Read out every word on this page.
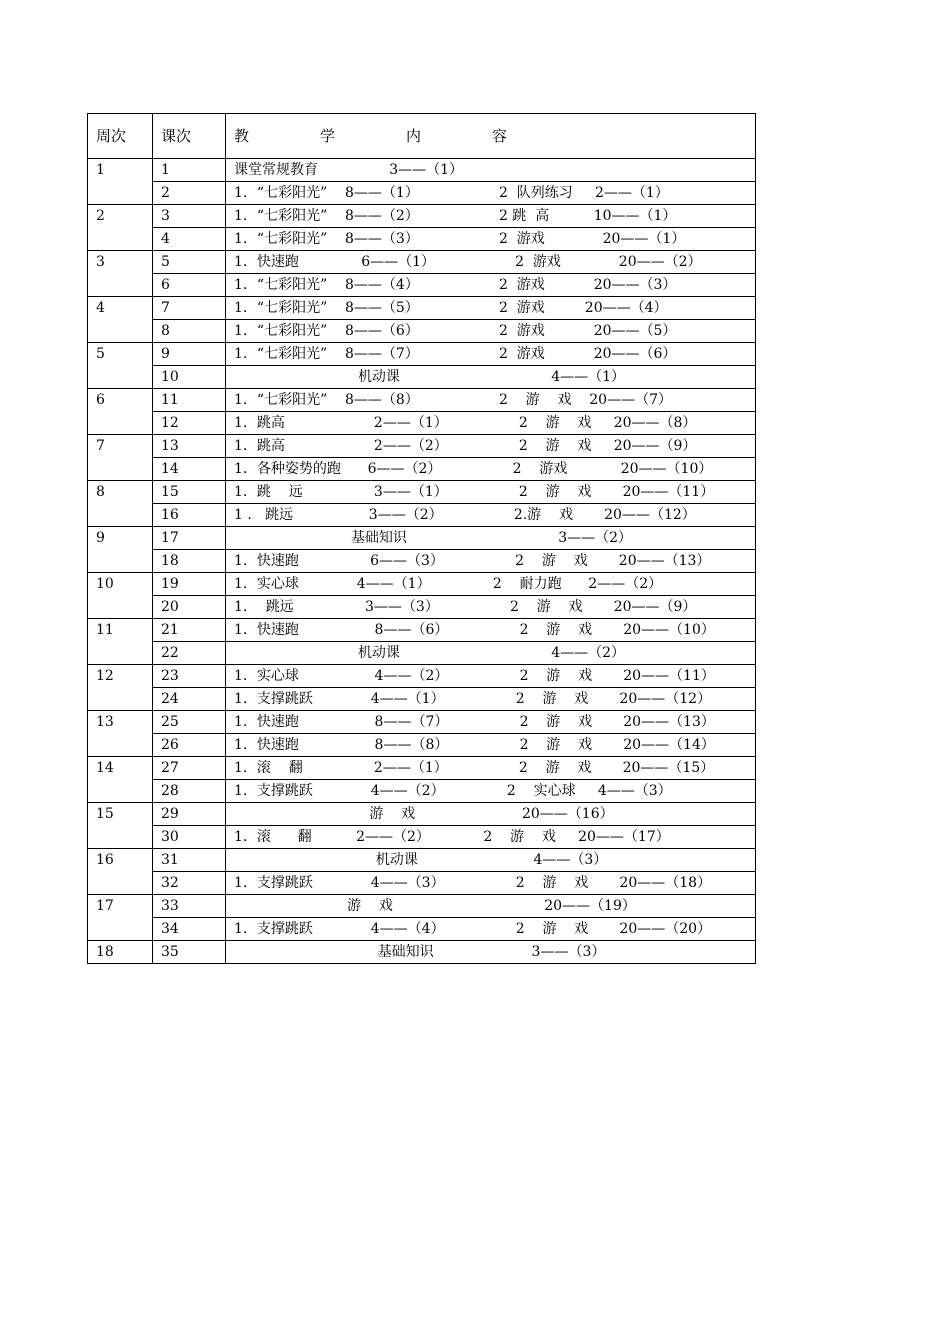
周次	课次	教　学　内　容
1	1	课堂常规教育                3——（1）
	2	1．“七彩阳光”    8——（1）                  2  队列练习     2——（1）
2	3	1．“七彩阳光”    8——（2）                  2 跳  高          10——（1）
	4	1．“七彩阳光”    8——（3）                  2  游戏             20——（1）
3	5	1．快速跑              6——（1）                  2  游戏             20——（2）
	6	1．“七彩阳光”    8——（4）                  2  游戏           20——（3）
4	7	1．“七彩阳光”    8——（5）                  2  游戏         20——（4）
	8	1．“七彩阳光”    8——（6）                  2  游戏           20——（5）
5	9	1．“七彩阳光”    8——（7）                  2  游戏           20——（6）
	10	机动课                                  4——（1）
6	11	1．“七彩阳光”    8——（8）                  2    游    戏    20——（7）
	12	1．跳高                    2——（1）                2    游    戏     20——（8）
7	13	1．跳高                    2——（2）                2    游    戏     20——（9）
	14	1．各种姿势的跑      6——（2）                2    游戏            20——（10）
8	15	1．跳    远                3——（1）                2    游    戏       20——（11）
	16	1 .   跳远                 3——（2）                2.游    戏       20——（12）
9	17	基础知识                                  3——（2）
	18	1．快速跑                6——（3）                2    游    戏       20——（13）
10	19	1．实心球             4——（1）              2    耐力跑      2——（2）
	20	1．  跳远                3——（3）                2    游    戏       20——（9）
11	21	1．快速跑                 8——（6）                2    游    戏       20——（10）
	22	机动课                                  4——（2）
12	23	1．实心球                 4——（2）                2    游    戏       20——（11）
	24	1．支撑跳跃             4——（1）                2    游    戏       20——（12）
13	25	1．快速跑                 8——（7）                2    游    戏       20——（13）
	26	1．快速跑                 8——（8）                2    游    戏       20——（14）
14	27	1．滚    翻                2——（1）                2    游    戏       20——（15）
	28	1．支撑跳跃             4——（2）              2    实心球     4——（3）
15	29	游    戏                        20——（16）
	30	1．滚      翻          2——（2）            2    游    戏     20——（17）
16	31	机动课                          4——（3）
	32	1．支撑跳跃             4——（3）                2    游    戏       20——（18）
17	33	游    戏                                  20——（19）
	34	1．支撑跳跃             4——（4）                2    游    戏       20——（20）
18	35	基础知识                      3——（3）
